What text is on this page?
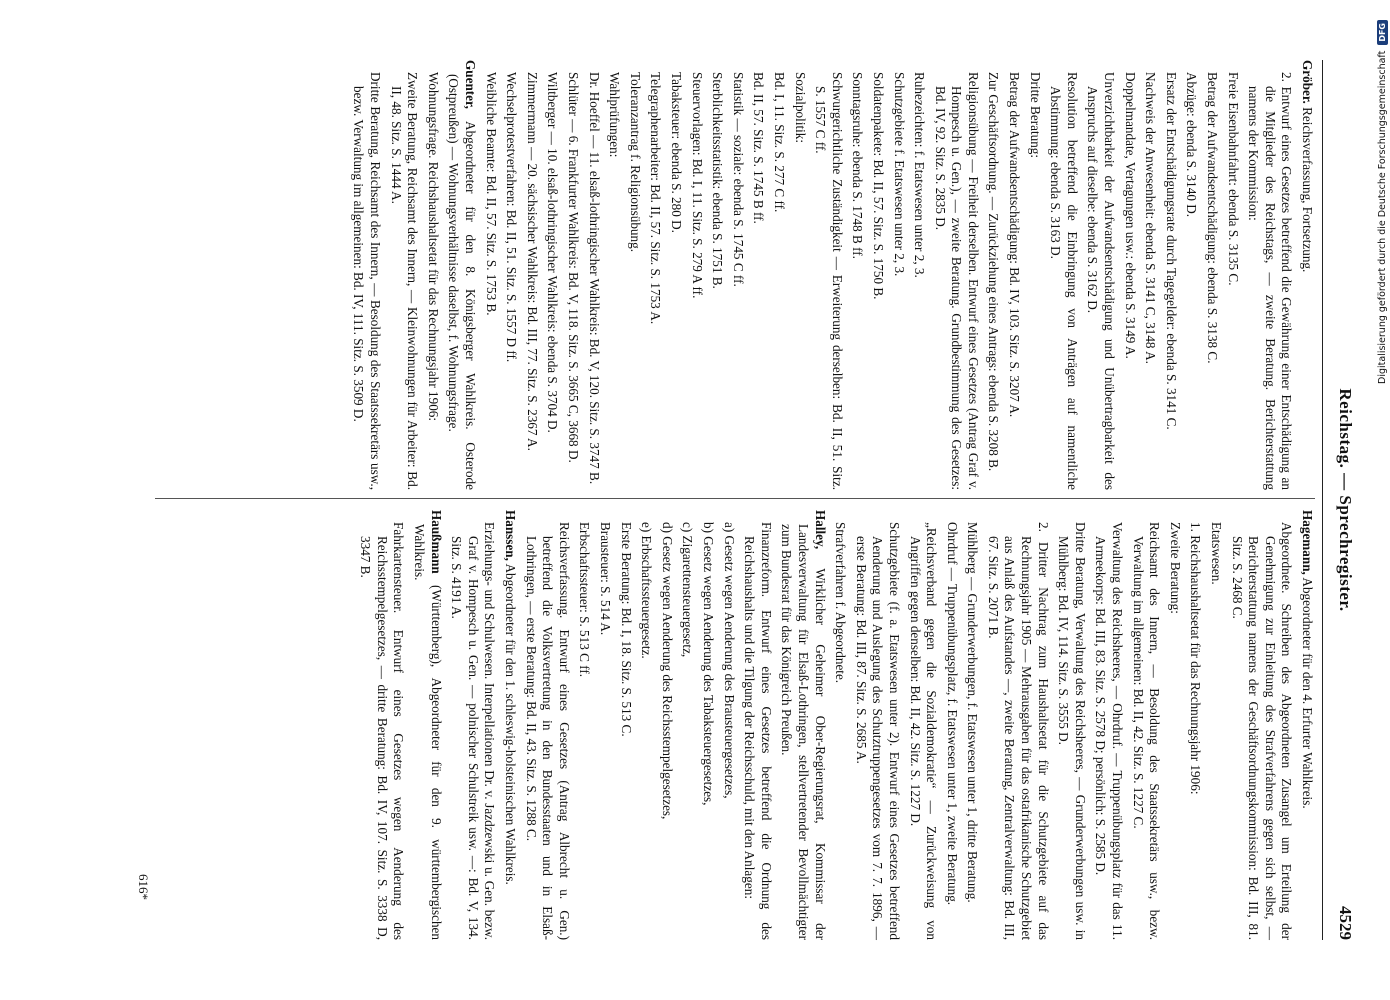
Reichstag. — Sprechregister.
4529

Gröber. Reichsverfassung, Fortsetzung.

2. Entwurf eines Gesetzes betreffend die Gewährung einer Entschädigung an die Mitglieder des Reichstags, — zweite Beratung. Berichterstattung namens der Kommission:

Freie Eisenbahnfahrt: ebenda S. 3135 C.

Betrag der Aufwandsentschädigung: ebenda S. 3138 C.

Abzüge: ebenda S. 3140 D.

Ersatz der Entschädigungsrate durch Tagegelder: ebenda S. 3141 C.

Nachweis der Anwesenheit: ebenda S. 3141 C, 3148 A.

Doppelmandate, Vertagungen usw.: ebenda S. 3149 A.

Unverzichtbarkeit der Aufwandsentschädigung und Unübertragbarkeit des Anspruchs auf dieselbe: ebenda S. 3162 D.

Resolution betreffend die Einbringung von Anträgen auf namentliche Abstimmung: ebenda S. 3163 D.

Dritte Beratung:

Betrag der Aufwandsentschädigung: Bd. IV, 103. Sitz. S. 3207 A.

Zur Geschäftsordnung. — Zurückziehung eines Antrags: ebenda S. 3208 B.

Religionsübung — Freiheit derselben. Entwurf eines Gesetzes (Antrag Graf v. Hompesch u. Gen.), — zweite Beratung. Grundbestimmung des Gesetzes: Bd. IV, 92. Sitz. S. 2835 D.

Ruhezeichten: f. Etatswesen unter 2, 3.

Schutzgebiete f. Etatswesen unter 2, 3.

Soldatenpakete: Bd. II, 57. Sitz. S. 1750 B.

Sonntagsruhe: ebenda S. 1748 B ff.

Schwurgerichtliche Zuständigkeit — Erweiterung derselben: Bd. II, 51. Sitz. S. 1557 C ff.

Sozialpolitik:

Bd. I, 11. Sitz. S. 277 C ff.

Bd. II, 57. Sitz. S. 1745 B ff.

Statistik — soziale: ebenda S. 1745 C ff.

Sterblichkeitsstatistik: ebenda S. 1751 B.

Steuervorlagen: Bd. I, 11. Sitz. S. 279 A ff.

Tabaksteuer: ebenda S. 280 D.

Telegraphenarbeiter: Bd. II, 57. Sitz. S. 1753 A.

Toleranzantrag f. Religionsübung.

Wahlprüfungen:

Dr. Hoeffel — 11. elsaß-lothringischer Wahlkreis: Bd. V, 120. Sitz. S. 3747 B.

Schlüter — 6. Frankfurter Wahlkreis: Bd. V, 118. Sitz. S. 3665 C, 3668 D.

Wiltberger — 10. elsaß-lothringischer Wahlkreis: ebenda S. 3704 D.

Zimmermann — 20. sächsischer Wahlkreis: Bd. III, 77. Sitz. S. 2367 A.

Wechselprotestverfahren: Bd. II, 51. Sitz. S. 1557 D ff.

Weibliche Beamte: Bd. II, 57. Sitz. S. 1753 B.

Guenter, Abgeordneter für den 8. Königsberger Wahlkreis. Osterode (Ostpreußen) — Wohnungsverhältnisse daselbst, f. Wohnungsfrage.

Wohnungsfrage. Reichshaushaltsetat für das Rechnungsjahr 1906:

Zweite Beratung, Reichsamt des Innern, — Kleinwohnungen für Arbeiter: Bd. II, 48. Sitz. S. 1444 A.

Dritte Beratung, Reichsamt des Innern, — Besoldung des Staatssekretärs usw., bezw. Verwaltung im allgemeinen: Bd. IV, 111. Sitz. S. 3509 D.

Hagemann, Abgeordneter für den 4. Erfurter Wahlkreis.

Abgeordnete. Schreiben des Abgeordneten Zusangel um Erteilung der Genehmigung zur Einleitung des Strafverfahrens gegen sich selbst, — Berichterstattung namens der Geschäftsordnungskommission: Bd. III, 81. Sitz. S. 2468 C.

Etatswesen.

1. Reichshaushaltsetat für das Rechnungsjahr 1906:

Zweite Beratung:

Reichsamt des Innern, — Besoldung des Staatssekretärs usw., bezw. Verwaltung im allgemeinen: Bd. II, 42. Sitz. S. 1227 C.

Verwaltung des Reichsheeres, — Ohrdruf. — Truppenübungsplatz für das 11. Armeekorps: Bd. III, 83. Sitz. S. 2578 D; persönlich: S. 2585 D.

Dritte Beratung, Verwaltung des Reichsheeres, — Grunderwerbungen usw. in Mühlberg: Bd. IV, 114. Sitz. S. 3555 D.

2. Dritter Nachtrag zum Haushaltsetat für die Schutzgebiete auf das Rechnungsjahr 1905 — Mehrausgaben für das ostafrikanische Schutzgebiet aus Anlaß des Aufstandes —, zweite Beratung, Zentralverwaltung: Bd. III, 67. Sitz. S. 2071 B.

Mühlberg — Grunderwerbungen, f. Etatswesen unter 1, dritte Beratung.

Ohrdruf — Truppenübungsplatz, f. Etatswesen unter 1, zweite Beratung.

„Reichsverband gegen die Sozialdemokratie“ — Zurückweisung von Angriffen gegen denselben: Bd. II, 42. Sitz. S. 1227 D.

Schutzgebiete (f. a. Etatswesen unter 2). Entwurf eines Gesetzes betreffend Aenderung und Auslegung des Schutztruppengesetzes vom 7. 7. 1896, — erste Beratung: Bd. III, 87. Sitz. S. 2685 A.

Strafverfahren f. Abgeordnete.

Halley, Wirklicher Geheimer Ober-Regierungsrat, Kommissar der Landesverwaltung für Elsaß-Lothringen, stellvertretender Bevollmächtigter zum Bundesrat für das Königreich Preußen.

Finanzreform. Entwurf eines Gesetzes betreffend die Ordnung des Reichshaushalts und die Tilgung der Reichsschuld, mit den Anlagen:

a) Gesetz wegen Aenderung des Brausteuergesetzes,

b) Gesetz wegen Aenderung des Tabaksteuergesetzes,

c) Zigarettensteuergesetz,

d) Gesetz wegen Aenderung des Reichsstempelgesetzes,

e) Erbschaftssteuergesetz.

Erste Beratung: Bd. I, 18. Sitz. S. 513 C.

Brausteuer: S. 514 A.

Erbschaftssteuer: S. 513 C ff.

Reichsverfassung. Entwurf eines Gesetzes (Antrag Albrecht u. Gen.) betreffend die Volksvertretung in den Bundesstaaten und in Elsaß-Lothringen, — erste Beratung: Bd. II, 43. Sitz. S. 1288 C.

Hanssen, Abgeordneter für den 1. schleswig-holsteinischen Wahlkreis.

Erziehungs- und Schulwesen. Interpellationen Dr. v. Jazdzewski u. Gen. bezw. Graf v. Hompesch u. Gen. — polnischer Schulstreik usw. —: Bd. V, 134. Sitz. S. 4191 A.

Haußmann (Württemberg), Abgeordneter für den 9. württembergischen Wahlkreis.

Fahrkartensteuer. Entwurf eines Gesetzes wegen Aenderung des Reichsstempelgesetzes, — dritte Beratung: Bd. IV, 107. Sitz. S. 3338 D, 3347 B.

616*
Digitalisierung gefördert durch die Deutsche Forschungsgemeinschaft
DFG
